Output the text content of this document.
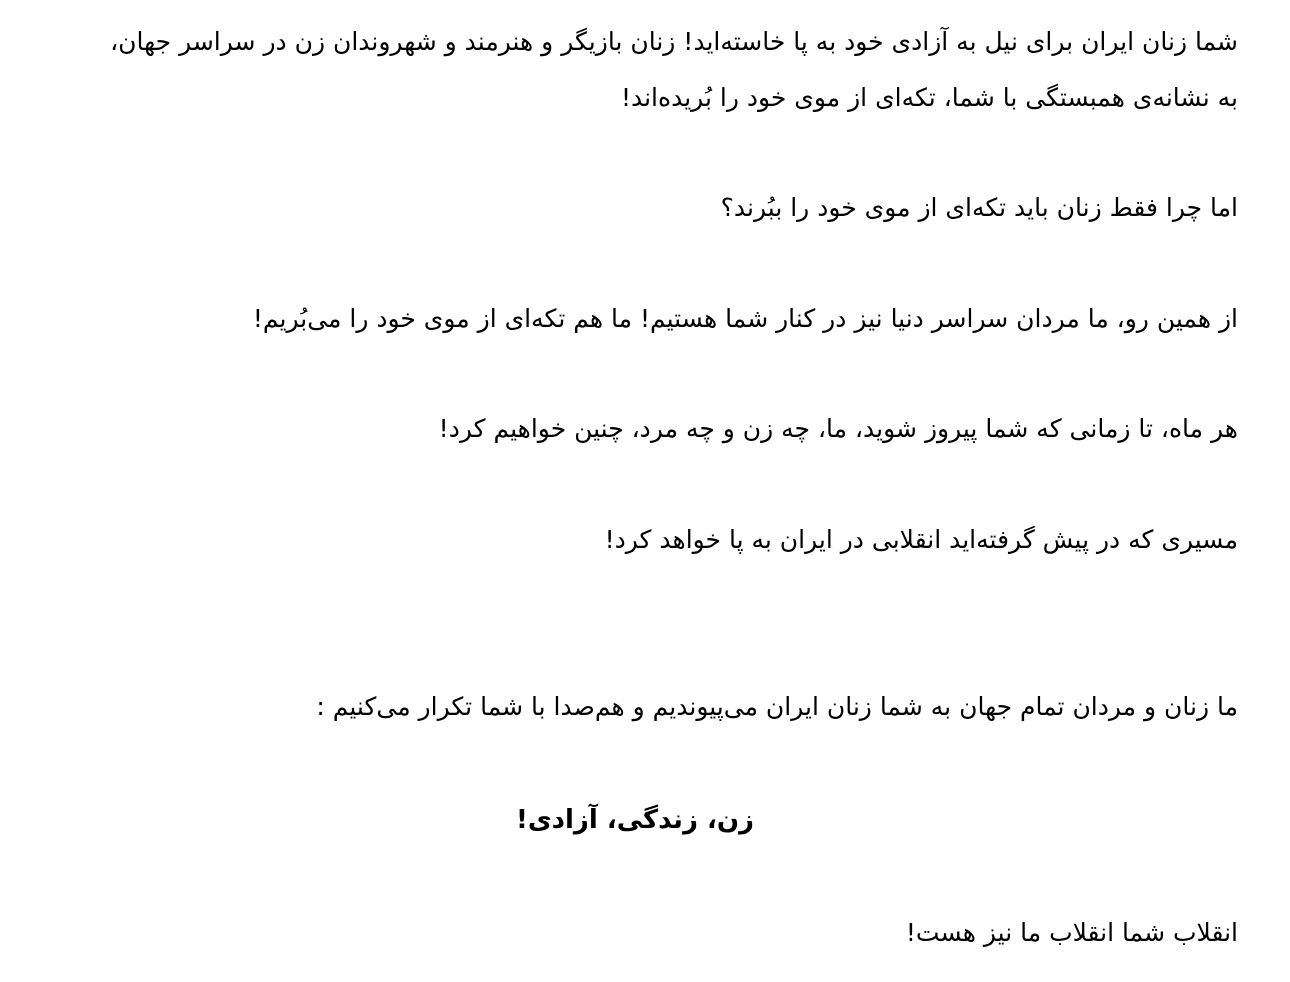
شما زنان ایران برای نیل به آزادی خود به پا خاسته‌اید! زنان بازیگر و هنرمند و شهروندان زن در سراسر جهان،
به نشانه‌ی همبستگی با شما، تکه‌ای از موی خود را بُریده‌اند!
اما چرا فقط زنان باید تکه‌ای از موی خود را ببُرند؟
از همین رو، ما مردان سراسر دنیا نیز در کنار شما هستیم! ما هم تکه‌ای از موی خود را می‌بُریم!
هر ماه، تا زمانی که شما پیروز شوید، ما، چه زن و چه مرد، چنین خواهیم کرد!
مسیری که در پیش گرفته‌اید انقلابی در ایران به پا خواهد کرد!
ما زنان و مردان تمام جهان به شما زنان ایران می‌پیوندیم و هم‌صدا با شما تکرار می‌کنیم :
زن، زندگی، آزادی!
انقلاب شما انقلاب ما نیز هست!
